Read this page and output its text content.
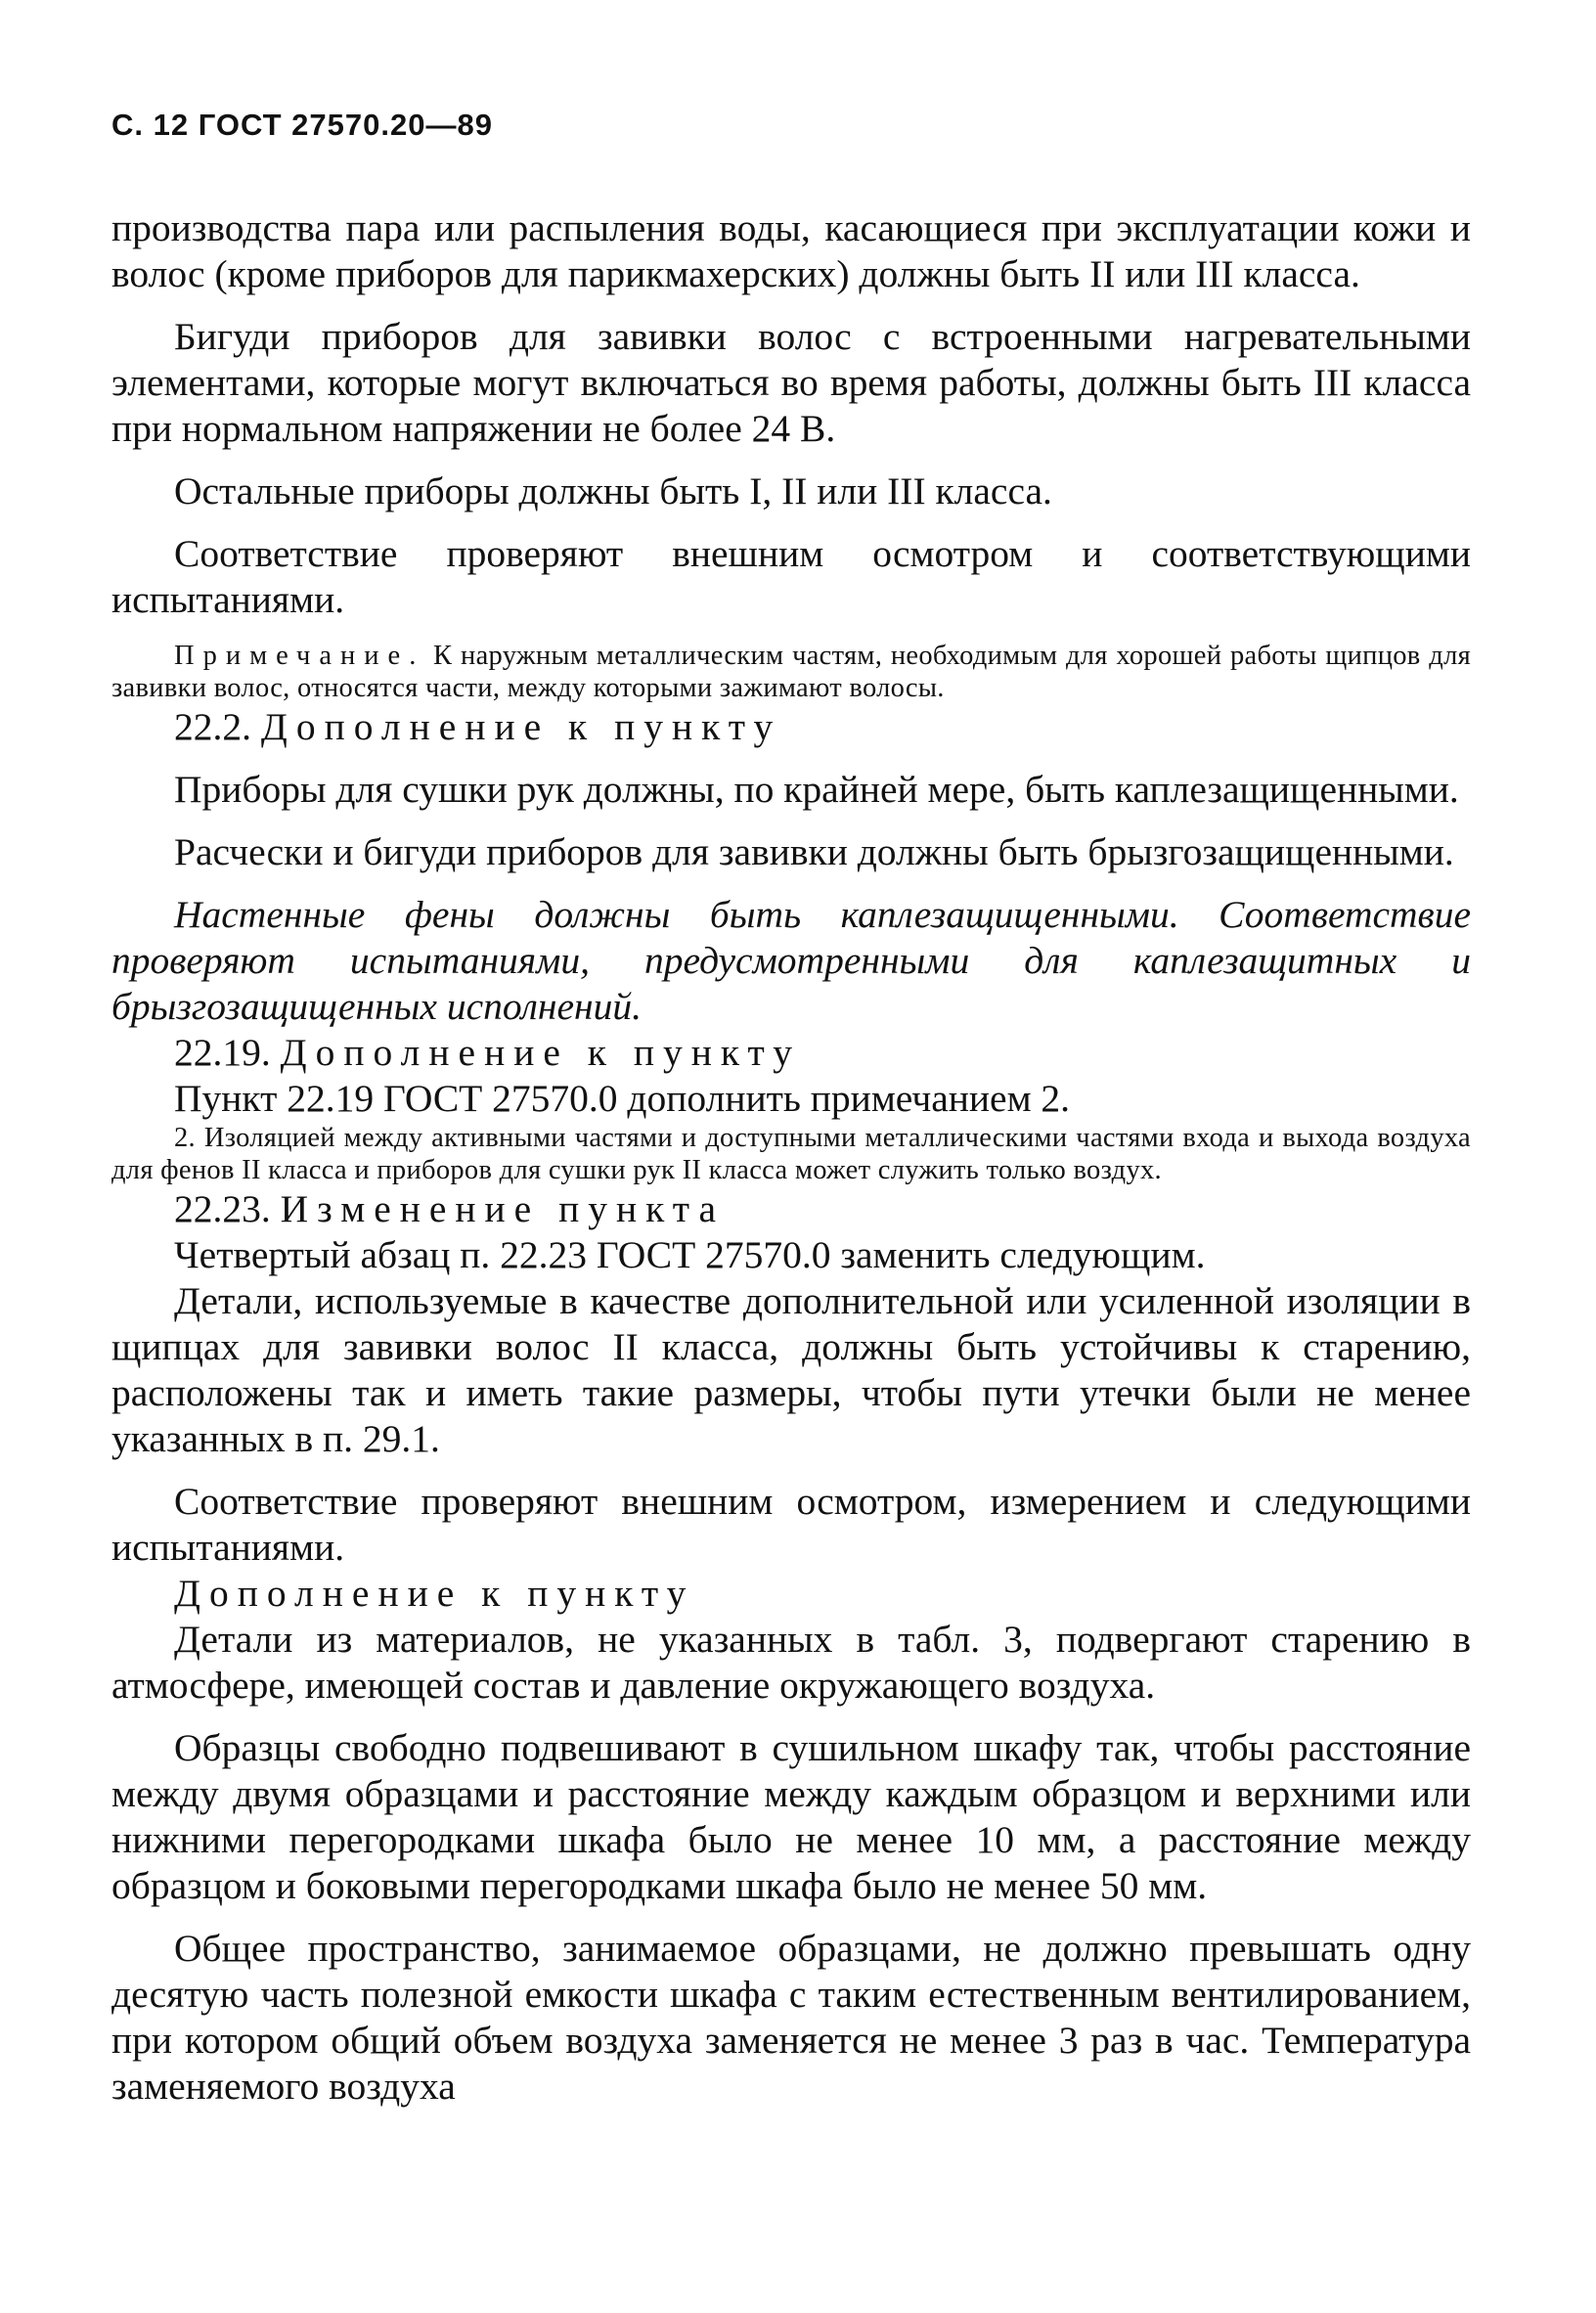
С. 12 ГОСТ 27570.20—89

производства пара или распыления воды, касающиеся при эксплуатации кожи и волос (кроме приборов для парикмахерских) должны быть II или III класса.

Бигуди приборов для завивки волос с встроенными нагревательными элементами, которые могут включаться во время работы, должны быть III класса при нормальном напряжении не более 24 В.

Остальные приборы должны быть I, II или III класса.

Соответствие проверяют внешним осмотром и соответствующими испытаниями.

Примечание. К наружным металлическим частям, необходимым для хорошей работы щипцов для завивки волос, относятся части, между которыми зажимают волосы.

22.2. Дополнение к пункту

Приборы для сушки рук должны, по крайней мере, быть каплезащищенными.

Расчески и бигуди приборов для завивки должны быть брызгозащищенными.

Настенные фены должны быть каплезащищенными. Соответствие проверяют испытаниями, предусмотренными для каплезащитных и брызгозащищенных исполнений.

22.19. Дополнение к пункту

Пункт 22.19 ГОСТ 27570.0 дополнить примечанием 2.

2. Изоляцией между активными частями и доступными металлическими частями входа и выхода воздуха для фенов II класса и приборов для сушки рук II класса может служить только воздух.

22.23. Изменение пункта

Четвертый абзац п. 22.23 ГОСТ 27570.0 заменить следующим.

Детали, используемые в качестве дополнительной или усиленной изоляции в щипцах для завивки волос II класса, должны быть устойчивы к старению, расположены так и иметь такие размеры, чтобы пути утечки были не менее указанных в п. 29.1.

Соответствие проверяют внешним осмотром, измерением и следующими испытаниями.

Дополнение к пункту

Детали из материалов, не указанных в табл. 3, подвергают старению в атмосфере, имеющей состав и давление окружающего воздуха.

Образцы свободно подвешивают в сушильном шкафу так, чтобы расстояние между двумя образцами и расстояние между каждым образцом и верхними или нижними перегородками шкафа было не менее 10 мм, а расстояние между образцом и боковыми перегородками шкафа было не менее 50 мм.

Общее пространство, занимаемое образцами, не должно превышать одну десятую часть полезной емкости шкафа с таким естественным вентилированием, при котором общий объем воздуха заменяется не менее 3 раз в час. Температура заменяемого воздуха
